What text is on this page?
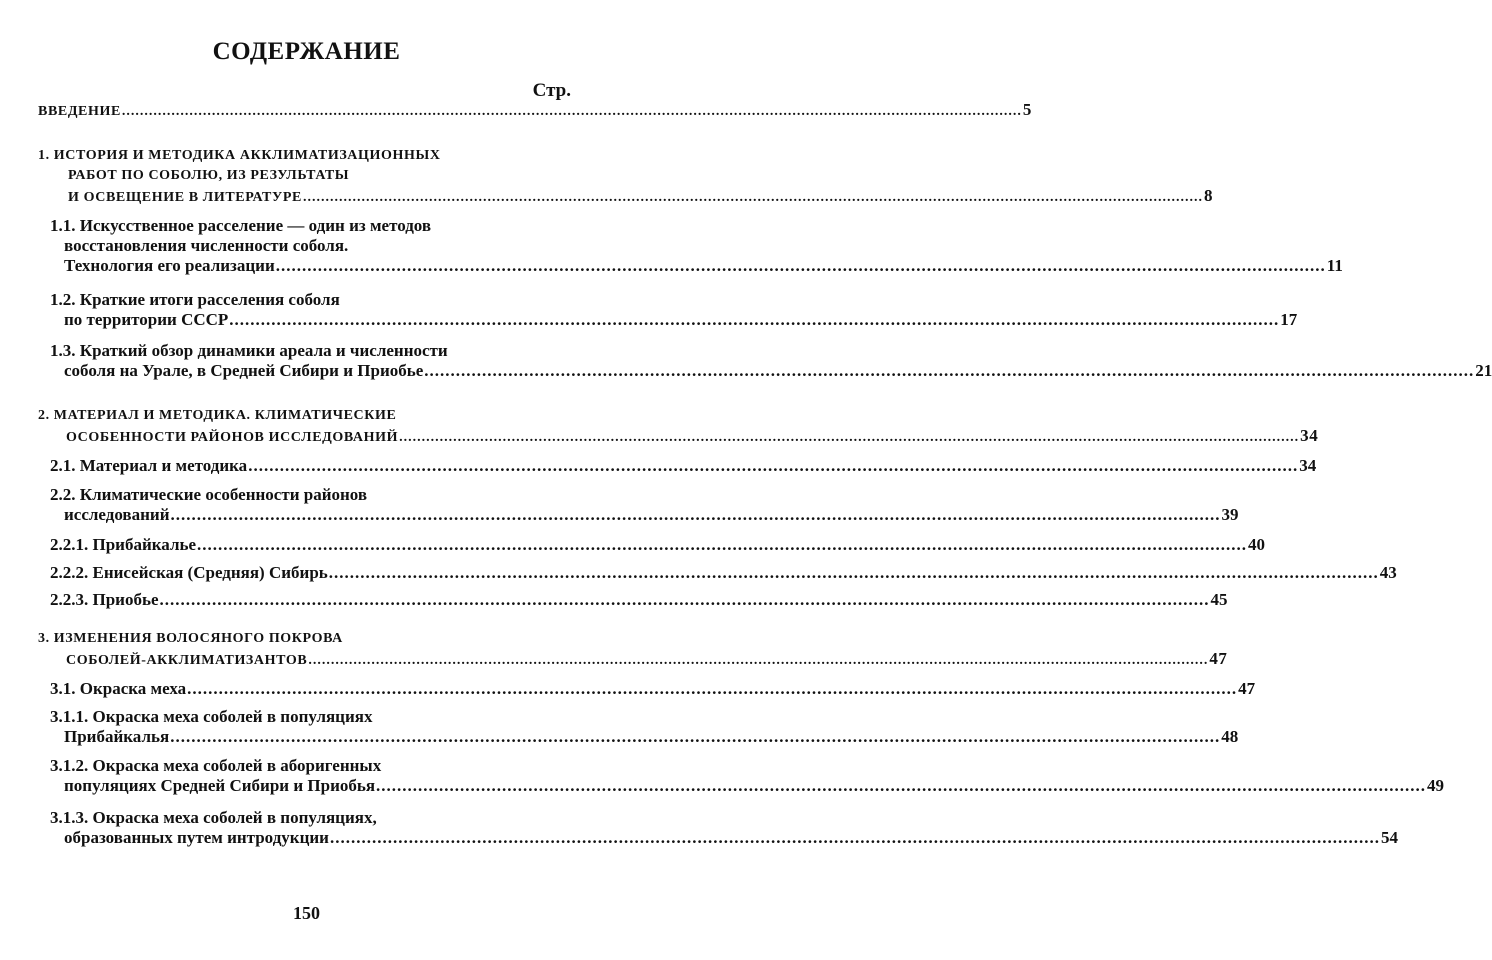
СОДЕРЖАНИЕ
Стр.
ВВЕДЕНИЕ ........................................................................................................................................................................................................ 5
1. ИСТОРИЯ И МЕТОДИКА АККЛИМАТИЗАЦИОННЫХ
РАБОТ ПО СОБОЛЮ, ИЗ РЕЗУЛЬТАТЫ
И ОСВЕЩЕНИЕ В ЛИТЕРАТУРЕ ........................................................................................................................................................................................................ 8
1.1. Искусственное расселение — один из методов
восстановления численности соболя.
Технология его реализации ........................................................................................................................................................................................................ 11
1.2. Краткие итоги расселения соболя
по территории СССР ........................................................................................................................................................................................................ 17
1.3. Краткий обзор динамики ареала и численности
соболя на Урале, в Средней Сибири и Приобье ........................................................................................................................................................................................................ 21
2. МАТЕРИАЛ И МЕТОДИКА. КЛИМАТИЧЕСКИЕ
ОСОБЕННОСТИ РАЙОНОВ ИССЛЕДОВАНИЙ ........................................................................................................................................................................................................ 34
2.1. Материал и методика ........................................................................................................................................................................................................ 34
2.2. Климатические особенности районов
исследований ........................................................................................................................................................................................................ 39
2.2.1. Прибайкалье ........................................................................................................................................................................................................ 40
2.2.2. Енисейская (Средняя) Сибирь ........................................................................................................................................................................................................ 43
2.2.3. Приобье ........................................................................................................................................................................................................ 45
3. ИЗМЕНЕНИЯ ВОЛОСЯНОГО ПОКРОВА
СОБОЛЕЙ-АККЛИМАТИЗАНТОВ ........................................................................................................................................................................................................ 47
3.1. Окраска меха ........................................................................................................................................................................................................ 47
3.1.1. Окраска меха соболей в популяциях
Прибайкалья ........................................................................................................................................................................................................ 48
3.1.2. Окраска меха соболей в аборигенных
популяциях Средней Сибири и Приобья ........................................................................................................................................................................................................ 49
3.1.3. Окраска меха соболей в популяциях,
образованных путем интродукции ........................................................................................................................................................................................................ 54
150
